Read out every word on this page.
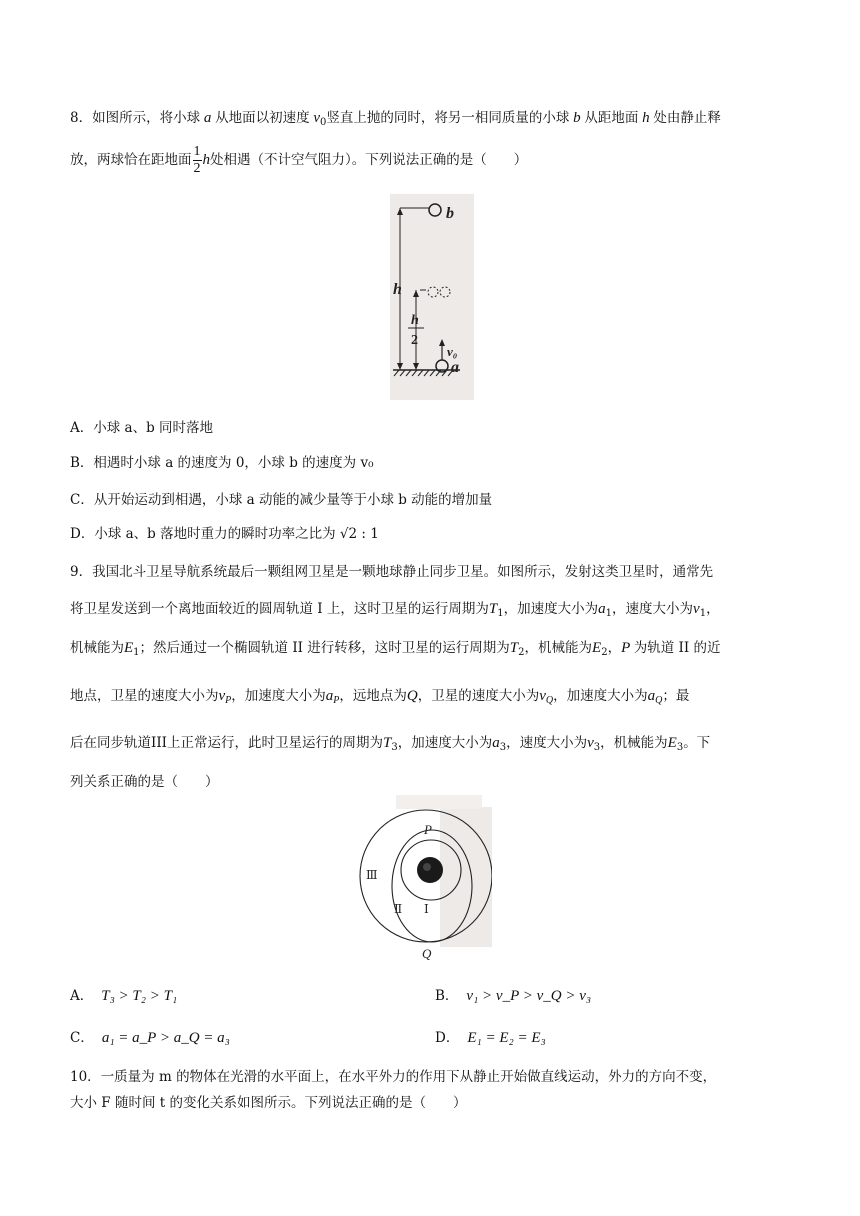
8．如图所示，将小球 a 从地面以初速度 $v_0$竖直上抛的同时，将另一相同质量的小球 b 从距地面 h 处由静止释
放，两球恰在距地面 $\frac{1}{2}$ h处相遇（不计空气阻力）。下列说法正确的是（　　）
b
h
h
2
v₀
a
A．小球 a、b 同时落地
B．相遇时小球 a 的速度为 0，小球 b 的速度为 v₀
C．从开始运动到相遇，小球 a 动能的减少量等于小球 b 动能的增加量
D．小球 a、b 落地时重力的瞬时功率之比为 √2 : 1
9．我国北斗卫星导航系统最后一颗组网卫星是一颗地球静止同步卫星。如图所示，发射这类卫星时，通常先
将卫星发送到一个离地面较近的圆周轨道 I 上，这时卫星的运行周期为$T_1$，加速度大小为$a_1$，速度大小为$v_1$，
机械能为$E_1$；然后通过一个椭圆轨道 II 进行转移，这时卫星的运行周期为$T_2$，机械能为$E_2$，P 为轨道 II 的近
地点，卫星的速度大小为$v_P$，加速度大小为$a_P$，远地点为Q，卫星的速度大小为$v_Q$，加速度大小为$a_Q$；最
后在同步轨道III上正常运行，此时卫星运行的周期为$T_3$，加速度大小为$a_3$，速度大小为$v_3$，机械能为$E_3$。下
列关系正确的是（　　）
P
Q
Ⅲ
Ⅱ Ⅰ
A． T₃ > T₂ > T₁	B． v₁ > v_P > v_Q > v₃
C． a₁ = a_P > a_Q = a₃	D． E₁ = E₂ = E₃
10．一质量为 m 的物体在光滑的水平面上，在水平外力的作用下从静止开始做直线运动，外力的方向不变，
大小 F 随时间 t 的变化关系如图所示。下列说法正确的是（　　）
